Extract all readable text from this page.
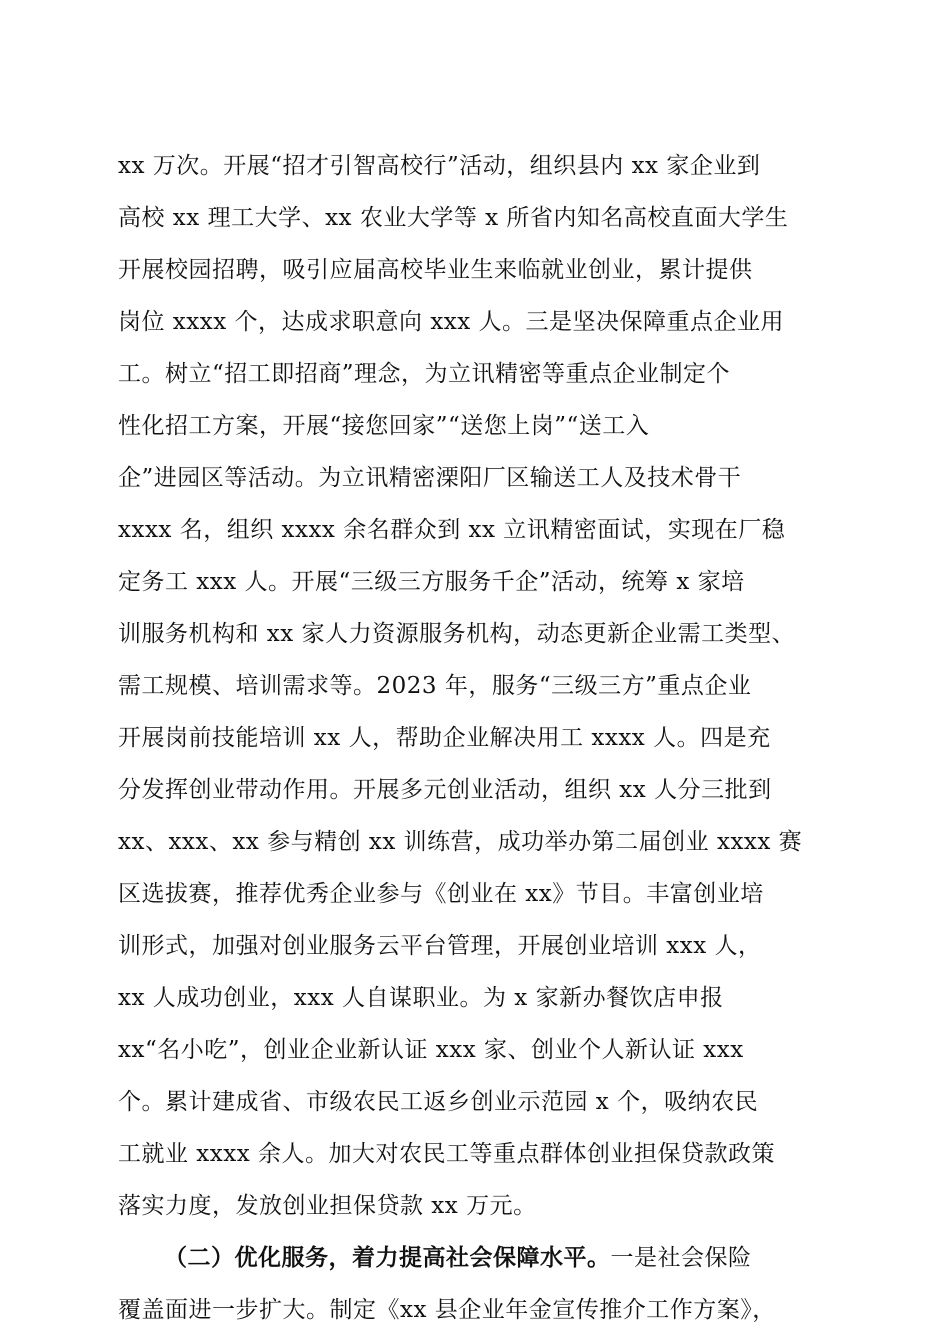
xx 万次。开展“招才引智高校行”活动，组织县内 xx 家企业到
高校 xx 理工大学、xx 农业大学等 x 所省内知名高校直面大学生
开展校园招聘，吸引应届高校毕业生来临就业创业，累计提供
岗位 xxxx 个，达成求职意向 xxx 人。三是坚决保障重点企业用
工。树立“招工即招商”理念，为立讯精密等重点企业制定个
性化招工方案，开展“接您回家”“送您上岗”“送工入
企”进园区等活动。为立讯精密溧阳厂区输送工人及技术骨干
xxxx 名，组织 xxxx 余名群众到 xx 立讯精密面试，实现在厂稳
定务工 xxx 人。开展“三级三方服务千企”活动，统筹 x 家培
训服务机构和 xx 家人力资源服务机构，动态更新企业需工类型、
需工规模、培训需求等。2023 年，服务“三级三方”重点企业
开展岗前技能培训 xx 人，帮助企业解决用工 xxxx 人。四是充
分发挥创业带动作用。开展多元创业活动，组织 xx 人分三批到
xx、xxx、xx 参与精创 xx 训练营，成功举办第二届创业 xxxx 赛
区选拔赛，推荐优秀企业参与《创业在 xx》节目。丰富创业培
训形式，加强对创业服务云平台管理，开展创业培训 xxx 人，
xx 人成功创业，xxx 人自谋职业。为 x 家新办餐饮店申报
xx“名小吃”，创业企业新认证 xxx 家、创业个人新认证 xxx
个。累计建成省、市级农民工返乡创业示范园 x 个，吸纳农民
工就业 xxxx 余人。加大对农民工等重点群体创业担保贷款政策
落实力度，发放创业担保贷款 xx 万元。
（二）优化服务，着力提高社会保障水平。一是社会保险
覆盖面进一步扩大。制定《xx 县企业年金宣传推介工作方案》，
